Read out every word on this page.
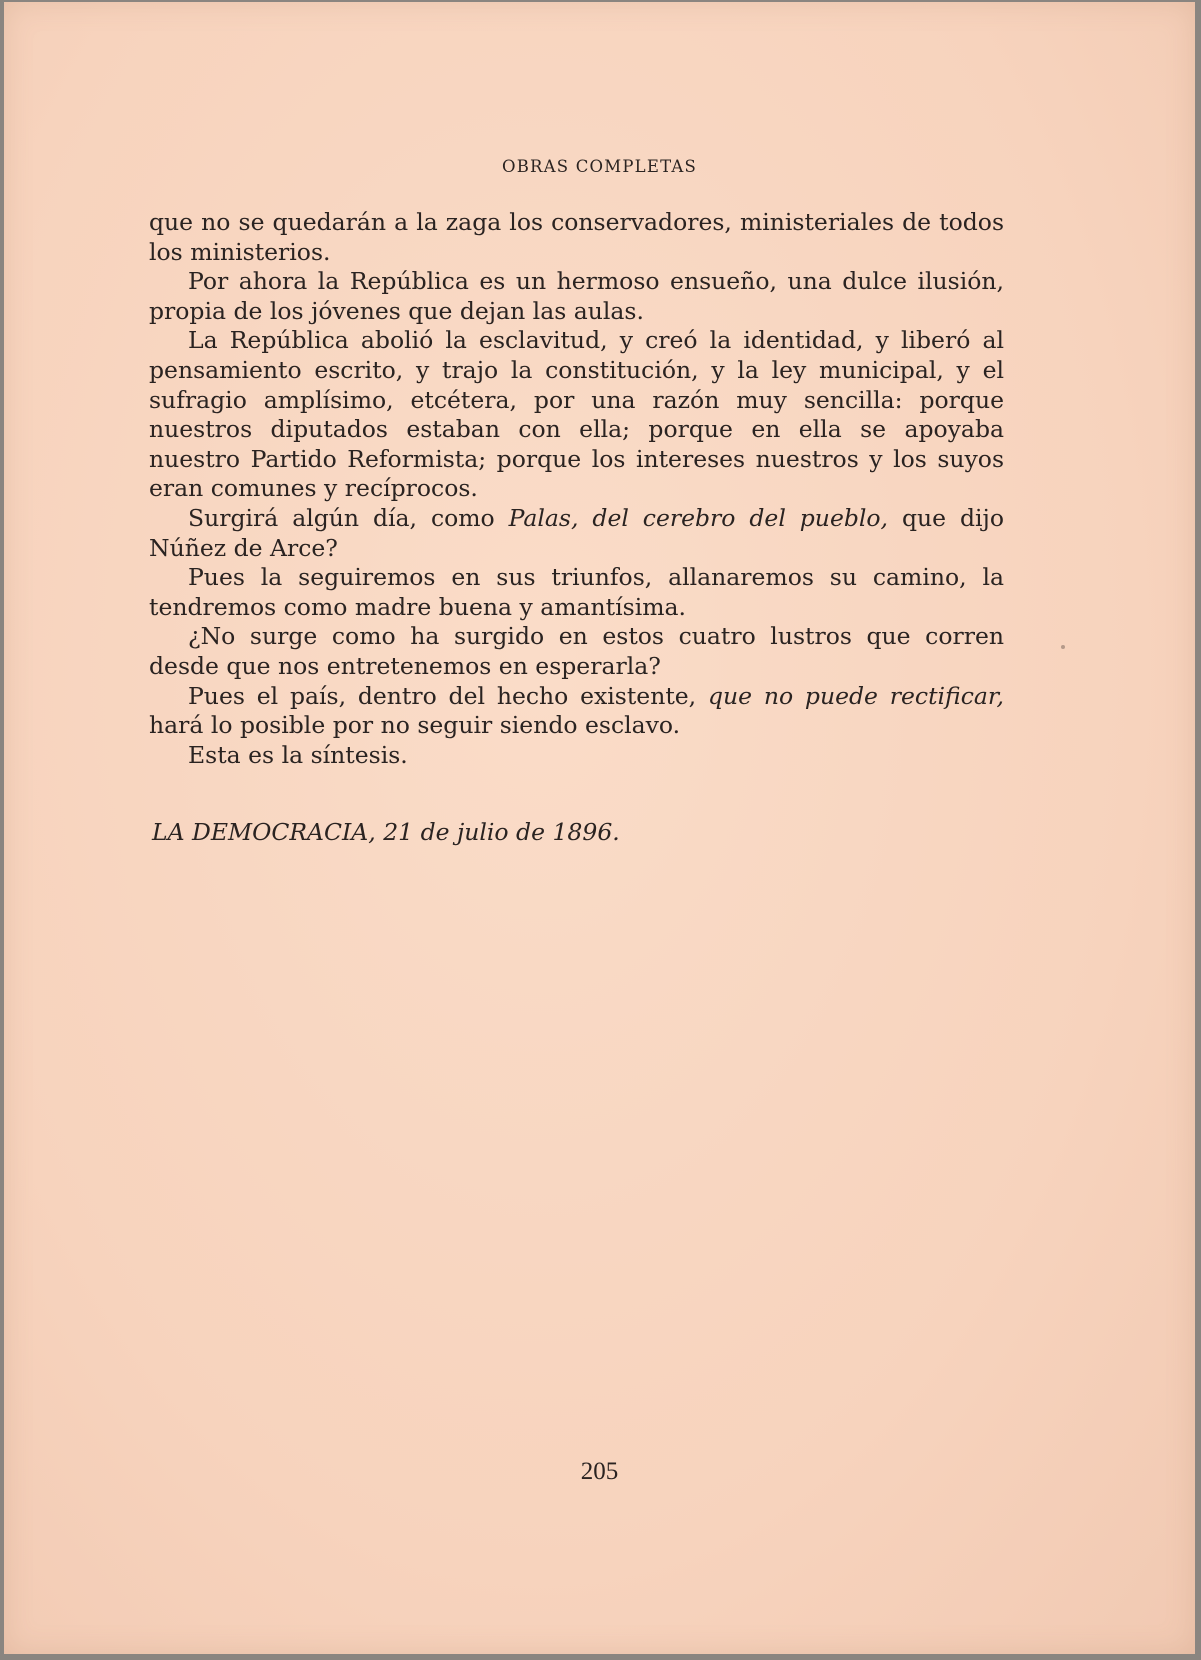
OBRAS COMPLETAS

que no se quedarán a la zaga los conservadores, ministeriales de todos los ministerios.

Por ahora la República es un hermoso ensueño, una dulce ilusión, propia de los jóvenes que dejan las aulas.

La República abolió la esclavitud, y creó la identidad, y liberó al pensamiento escrito, y trajo la constitución, y la ley municipal, y el sufragio amplísimo, etcétera, por una razón muy sencilla: porque nuestros diputados estaban con ella; porque en ella se apoyaba nuestro Partido Reformista; porque los intereses nuestros y los suyos eran comunes y recíprocos.

Surgirá algún día, como Palas, del cerebro del pueblo, que dijo Núñez de Arce?

Pues la seguiremos en sus triunfos, allanaremos su camino, la tendremos como madre buena y amantísima.

¿No surge como ha surgido en estos cuatro lustros que corren desde que nos entretenemos en esperarla?

Pues el país, dentro del hecho existente, que no puede rectificar, hará lo posible por no seguir siendo esclavo.

Esta es la síntesis.

LA DEMOCRACIA, 21 de julio de 1896.
205
